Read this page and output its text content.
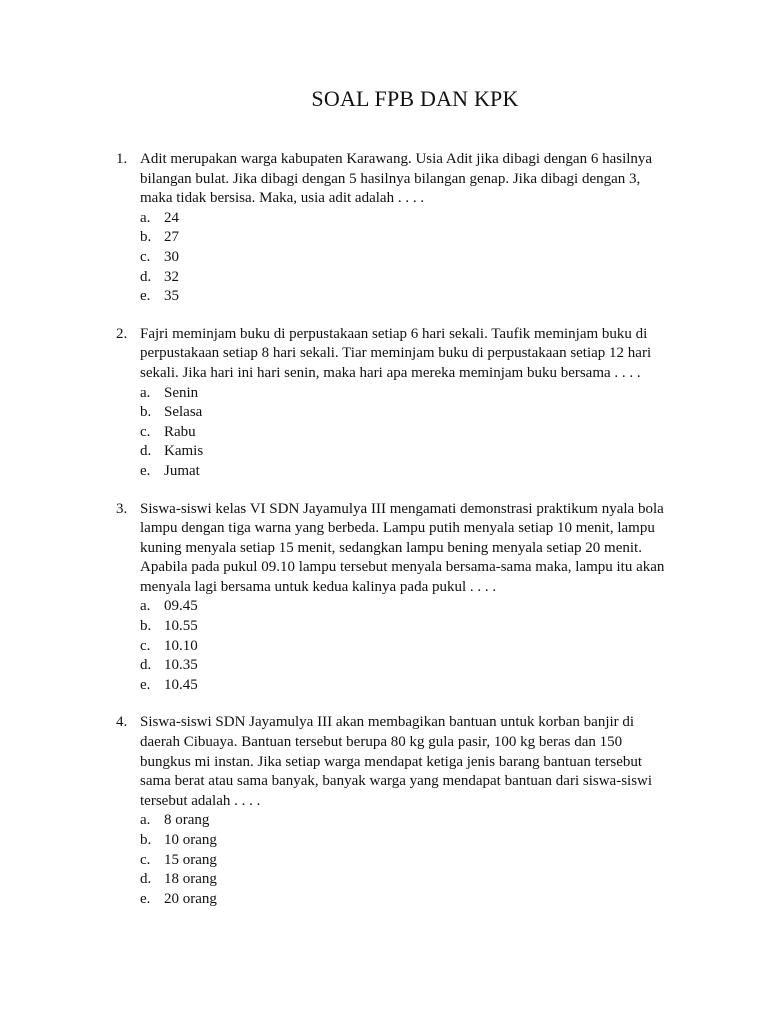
SOAL FPB DAN KPK
1. Adit merupakan warga kabupaten Karawang. Usia Adit jika dibagi dengan 6 hasilnya bilangan bulat. Jika dibagi dengan 5 hasilnya bilangan genap. Jika dibagi dengan 3, maka tidak bersisa. Maka, usia adit adalah . . . .

a. 24
b. 27
c. 30
d. 32
e. 35
2. Fajri meminjam buku di perpustakaan setiap 6 hari sekali. Taufik meminjam buku di perpustakaan setiap 8 hari sekali. Tiar meminjam buku di perpustakaan setiap 12 hari sekali. Jika hari ini hari senin, maka hari apa mereka meminjam buku bersama . . . .

a. Senin
b. Selasa
c. Rabu
d. Kamis
e. Jumat
3. Siswa-siswi kelas VI SDN Jayamulya III mengamati demonstrasi praktikum nyala bola lampu dengan tiga warna yang berbeda. Lampu putih menyala setiap 10 menit, lampu kuning menyala setiap 15 menit, sedangkan lampu bening menyala setiap 20 menit. Apabila pada pukul 09.10 lampu tersebut menyala bersama-sama maka, lampu itu akan menyala lagi bersama untuk kedua kalinya pada pukul . . . .

a. 09.45
b. 10.55
c. 10.10
d. 10.35
e. 10.45
4. Siswa-siswi SDN Jayamulya III akan membagikan bantuan untuk korban banjir di daerah Cibuaya. Bantuan tersebut berupa 80 kg gula pasir, 100 kg beras dan 150 bungkus mi instan. Jika setiap warga mendapat ketiga jenis barang bantuan tersebut sama berat atau sama banyak, banyak warga yang mendapat bantuan dari siswa-siswi tersebut adalah . . . .

a. 8 orang
b. 10 orang
c. 15 orang
d. 18 orang
e. 20 orang
